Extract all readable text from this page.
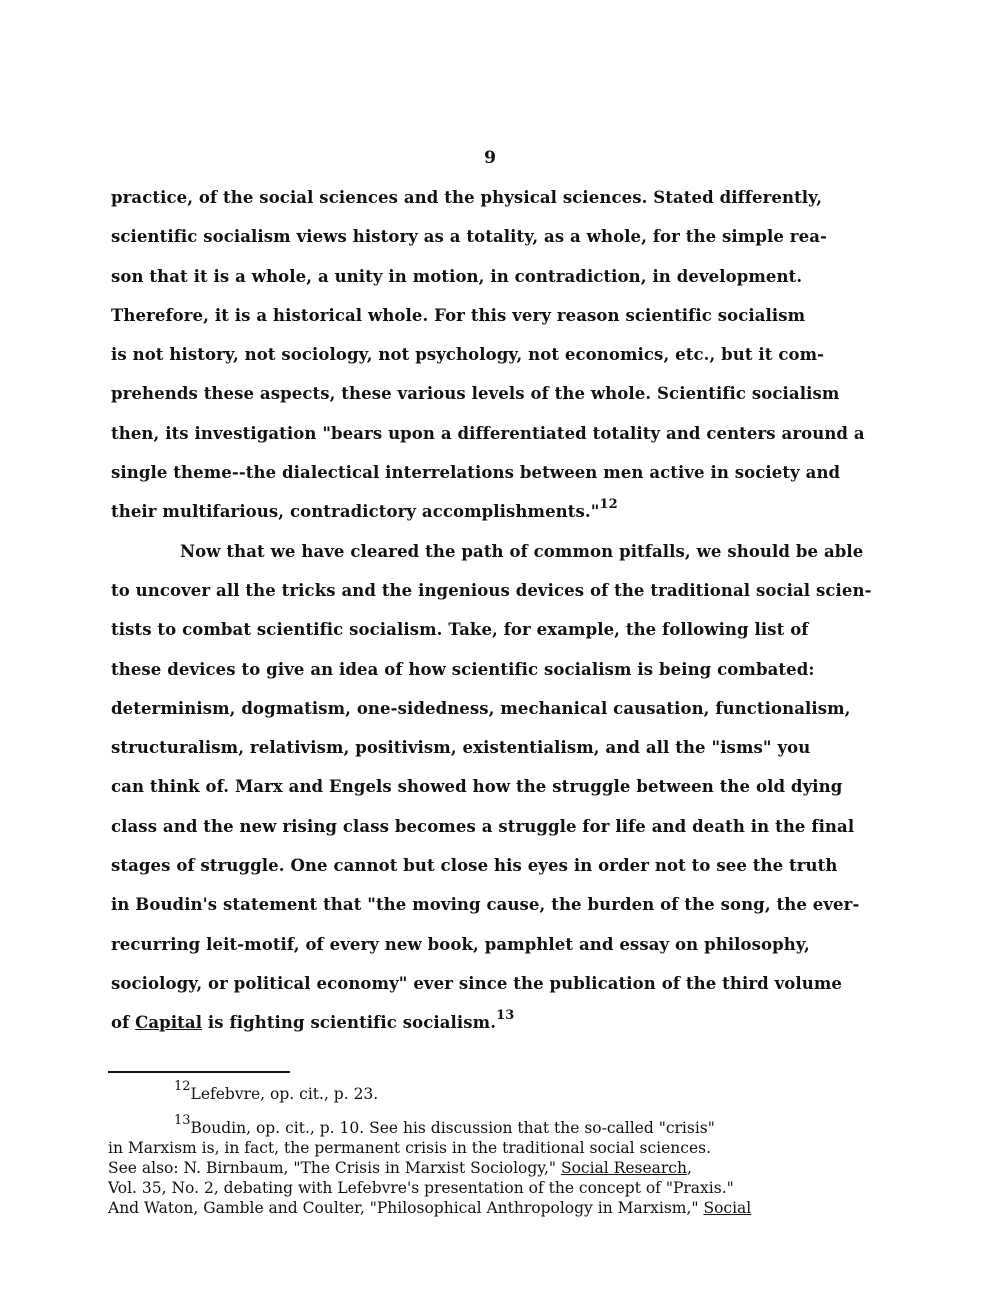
9
practice, of the social sciences and the physical sciences. Stated differently,
scientific socialism views history as a totality, as a whole, for the simple rea-
son that it is a whole, a unity in motion, in contradiction, in development.
Therefore, it is a historical whole. For this very reason scientific socialism
is not history, not sociology, not psychology, not economics, etc., but it com-
prehends these aspects, these various levels of the whole. Scientific socialism
then, its investigation "bears upon a differentiated totality and centers around a
single theme--the dialectical interrelations between men active in society and
their multifarious, contradictory accomplishments."$^{12}$
Now that we have cleared the path of common pitfalls, we should be able
to uncover all the tricks and the ingenious devices of the traditional social scien-
tists to combat scientific socialism. Take, for example, the following list of
these devices to give an idea of how scientific socialism is being combated:
determinism, dogmatism, one-sidedness, mechanical causation, functionalism,
structuralism, relativism, positivism, existentialism, and all the "isms" you
can think of. Marx and Engels showed how the struggle between the old dying
class and the new rising class becomes a struggle for life and death in the final
stages of struggle. One cannot but close his eyes in order not to see the truth
in Boudin's statement that "the moving cause, the burden of the song, the ever-
recurring leit-motif, of every new book, pamphlet and essay on philosophy,
sociology, or political economy" ever since the publication of the third volume
of Capital is fighting scientific socialism.$^{13}$
$^{12}$Lefebvre, op. cit., p. 23.
$^{13}$Boudin, op. cit., p. 10. See his discussion that the so-called "crisis"
in Marxism is, in fact, the permanent crisis in the traditional social sciences.
See also: N. Birnbaum, "The Crisis in Marxist Sociology," Social Research,
Vol. 35, No. 2, debating with Lefebvre's presentation of the concept of "Praxis."
And Waton, Gamble and Coulter, "Philosophical Anthropology in Marxism," Social
